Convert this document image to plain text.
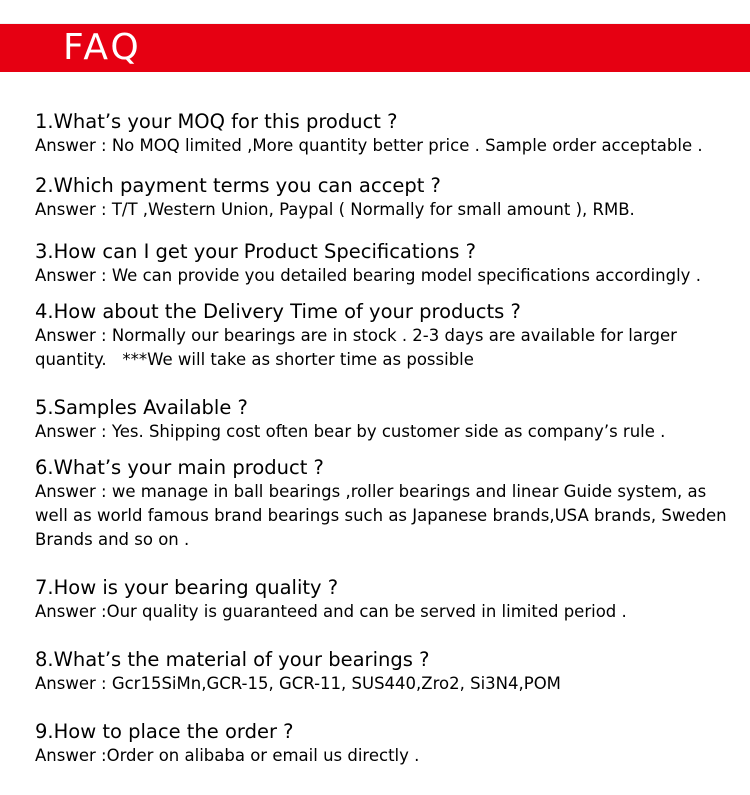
FAQ
1.What’s your MOQ for this product ?
Answer : No MOQ limited ,More quantity better price . Sample order acceptable .
2.Which payment terms you can accept ?
Answer : T/T ,Western Union, Paypal ( Normally for small amount ), RMB.
3.How can I get your Product Specifications ?
Answer : We can provide you detailed bearing model specifications accordingly .
4.How about the Delivery Time of your products ?
Answer : Normally our bearings are in stock . 2-3 days are available for larger quantity.   ***We will take as shorter time as possible
5.Samples Available ?
Answer : Yes. Shipping cost often bear by customer side as company’s rule .
6.What’s your main product ?
Answer : we manage in ball bearings ,roller bearings and linear Guide system, as well as world famous brand bearings such as Japanese brands,USA brands, Sweden Brands and so on .
7.How is your bearing quality ?
Answer :Our quality is guaranteed and can be served in limited period .
8.What’s the material of your bearings ?
Answer : Gcr15SiMn,GCR-15, GCR-11, SUS440,Zro2, Si3N4,POM
9.How to place the order ?
Answer :Order on alibaba or email us directly .
